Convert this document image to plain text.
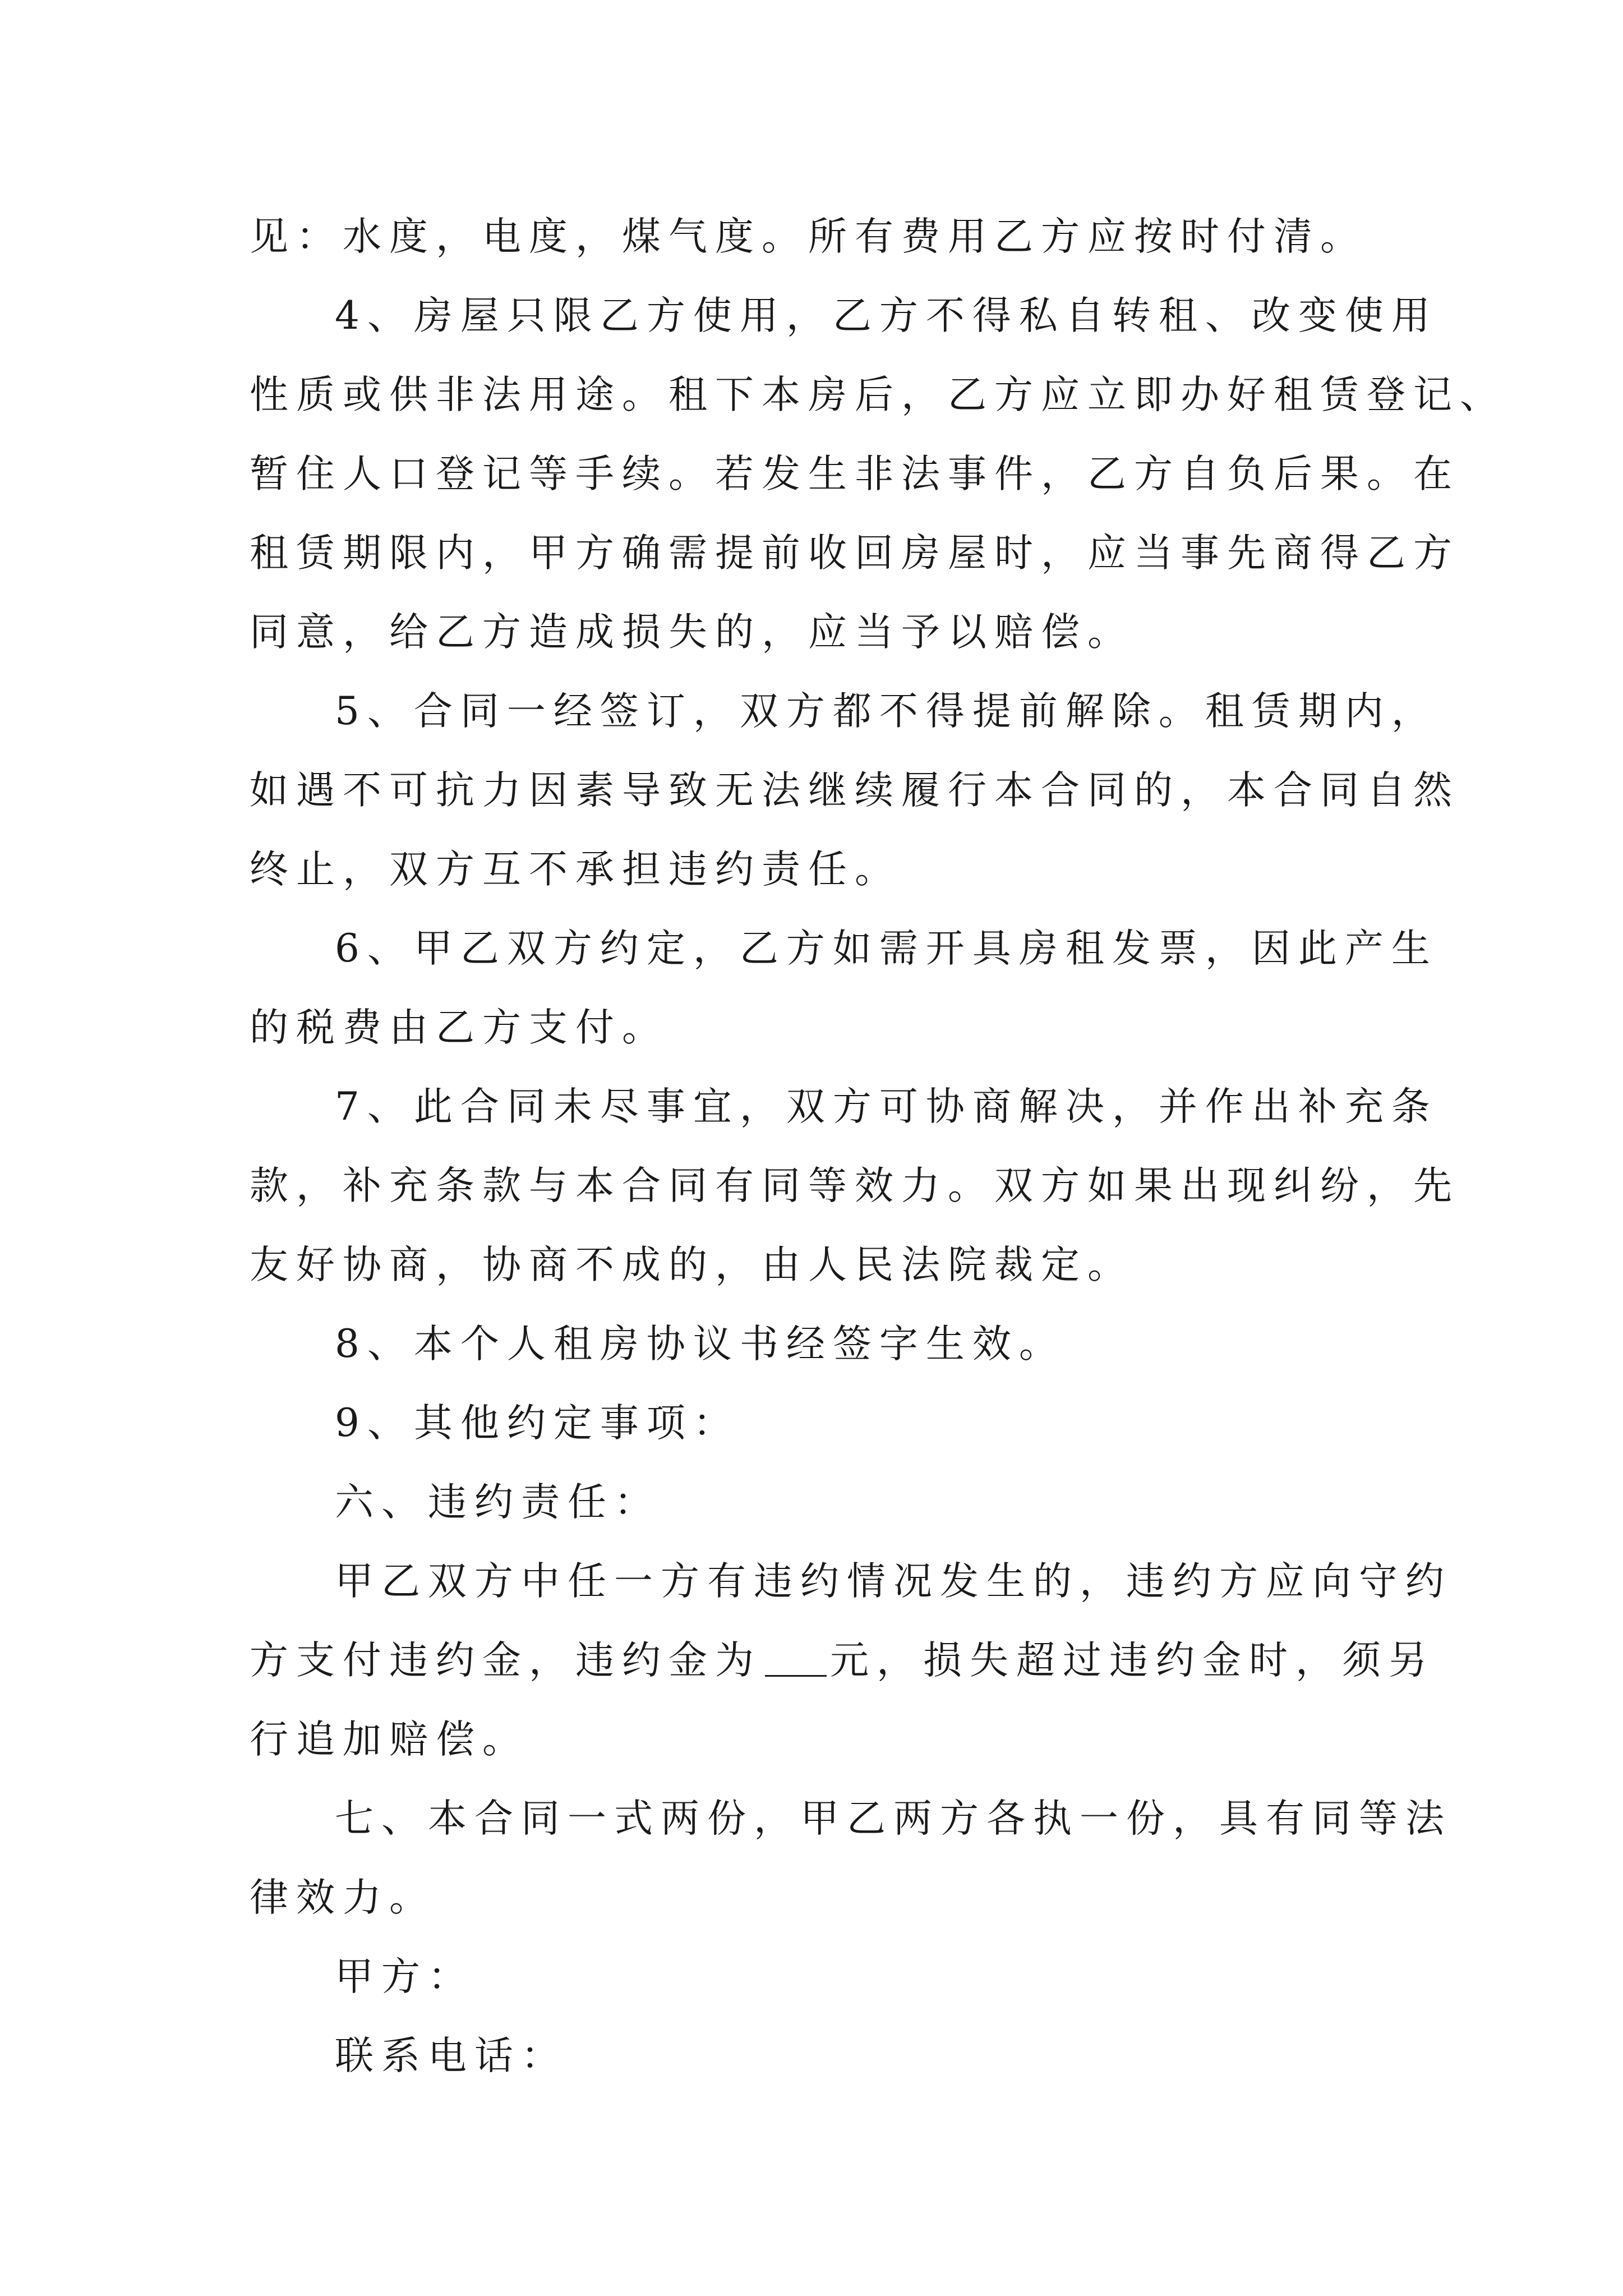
见：水度，电度，煤气度。所有费用乙方应按时付清。

4、房屋只限乙方使用，乙方不得私自转租、改变使用

性质或供非法用途。租下本房后，乙方应立即办好租赁登记、

暂住人口登记等手续。若发生非法事件，乙方自负后果。在

租赁期限内，甲方确需提前收回房屋时，应当事先商得乙方

同意，给乙方造成损失的，应当予以赔偿。

5、合同一经签订，双方都不得提前解除。租赁期内，

如遇不可抗力因素导致无法继续履行本合同的，本合同自然

终止，双方互不承担违约责任。

6、甲乙双方约定，乙方如需开具房租发票，因此产生

的税费由乙方支付。

7、此合同未尽事宜，双方可协商解决，并作出补充条

款，补充条款与本合同有同等效力。双方如果出现纠纷，先

友好协商，协商不成的，由人民法院裁定。

8、本个人租房协议书经签字生效。

9、其他约定事项：

六、违约责任：

甲乙双方中任一方有违约情况发生的，违约方应向守约

方支付违约金，违约金为 元，损失超过违约金时，须另

行追加赔偿。

七、本合同一式两份，甲乙两方各执一份，具有同等法

律效力。

甲方：

联系电话：
